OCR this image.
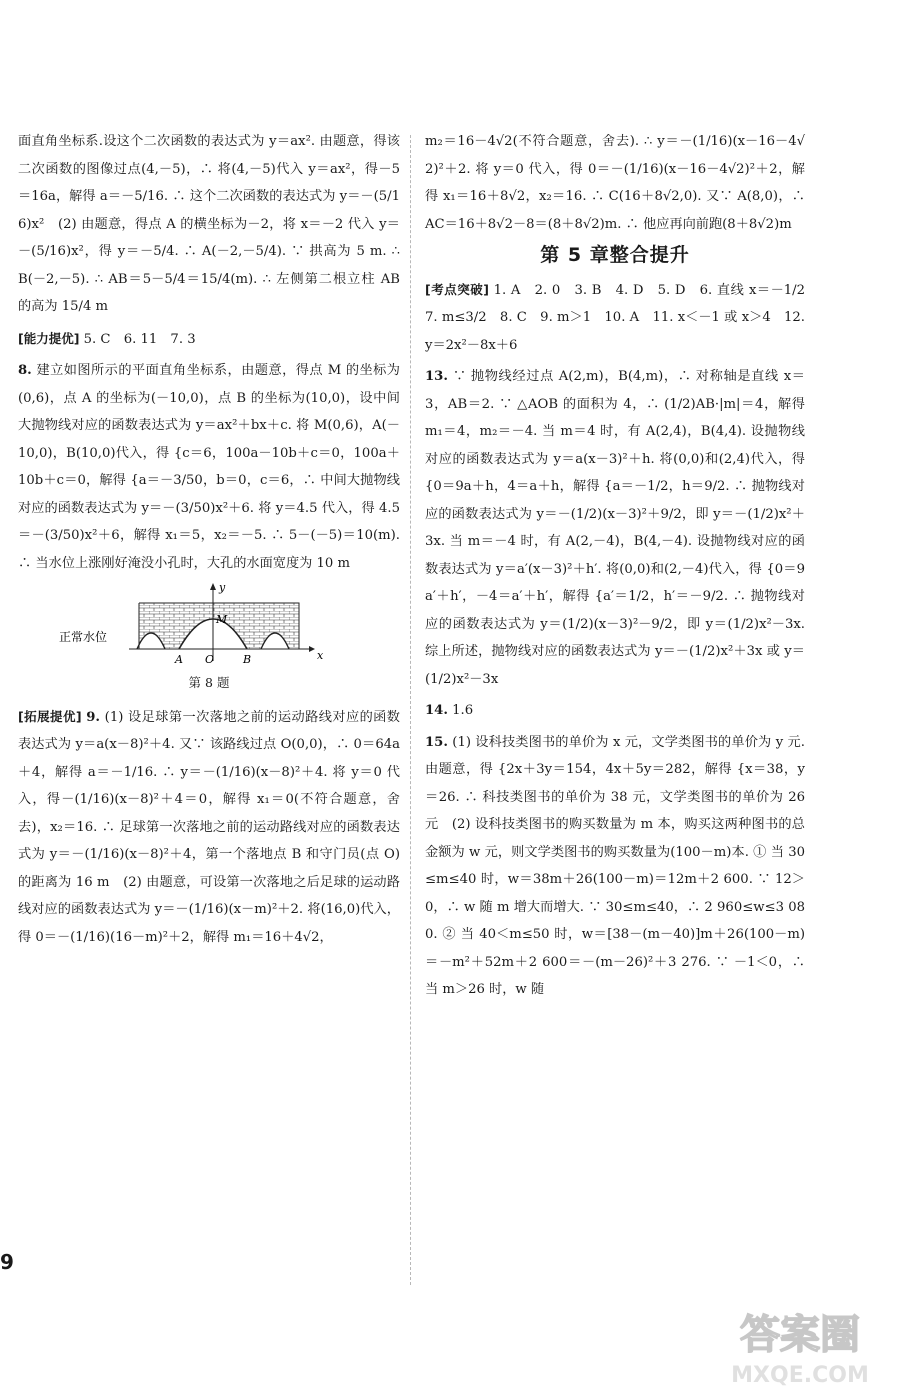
面直角坐标系.设这个二次函数的表达式为 y＝ax². 由题意，得该二次函数的图像过点(4,－5)，∴ 将(4,－5)代入 y＝ax²，得－5＝16a，解得 a＝－5/16. ∴ 这个二次函数的表达式为 y＝－(5/16)x²　(2) 由题意，得点 A 的横坐标为－2，将 x＝－2 代入 y＝－(5/16)x²，得 y＝－5/4. ∴ A(－2,－5/4). ∵ 拱高为 5 m. ∴ B(－2,－5). ∴ AB＝5－5/4＝15/4(m). ∴ 左侧第二根立柱 AB 的高为 15/4 m

[能力提优] 5. C　6. 11　7. 3

8. 建立如图所示的平面直角坐标系，由题意，得点 M 的坐标为(0,6)，点 A 的坐标为(－10,0)，点 B 的坐标为(10,0)，设中间大抛物线对应的函数表达式为 y＝ax²＋bx＋c. 将 M(0,6)，A(－10,0)，B(10,0)代入，得 {c＝6，100a－10b＋c＝0，100a＋10b＋c＝0，解得 {a＝－3/50，b＝0，c＝6，∴ 中间大抛物线对应的函数表达式为 y＝－(3/50)x²＋6. 将 y＝4.5 代入，得 4.5＝－(3/50)x²＋6，解得 x₁＝5，x₂＝－5. ∴ 5－(－5)＝10(m). ∴ 当水位上涨刚好淹没小孔时，大孔的水面宽度为 10 m

正常水位
A O	B
M
x
y
第 8 题

[拓展提优] 9. (1) 设足球第一次落地之前的运动路线对应的函数表达式为 y＝a(x－8)²＋4. 又∵ 该路线过点 O(0,0)，∴ 0＝64a＋4，解得 a＝－1/16. ∴ y＝－(1/16)(x－8)²＋4. 将 y＝0 代入，得－(1/16)(x－8)²＋4＝0，解得 x₁＝0(不符合题意，舍去)，x₂＝16. ∴ 足球第一次落地之前的运动路线对应的函数表达式为 y＝－(1/16)(x－8)²＋4，第一个落地点 B 和守门员(点 O)的距离为 16 m　(2) 由题意，可设第一次落地之后足球的运动路线对应的函数表达式为 y＝－(1/16)(x－m)²＋2. 将(16,0)代入，得 0＝－(1/16)(16－m)²＋2，解得 m₁＝16＋4√2，

m₂＝16－4√2(不符合题意，舍去). ∴ y＝－(1/16)(x－16－4√2)²＋2. 将 y＝0 代入，得 0＝－(1/16)(x－16－4√2)²＋2，解得 x₁＝16＋8√2，x₂＝16. ∴ C(16＋8√2,0). 又∵ A(8,0)，∴ AC＝16＋8√2－8＝(8＋8√2)m. ∴ 他应再向前跑(8＋8√2)m

第 5 章整合提升

[考点突破] 1. A　2. 0　3. B　4. D　5. D　6. 直线 x＝－1/2　7. m≤3/2　8. C　9. m＞1　10. A　11. x＜－1 或 x＞4　12. y＝2x²－8x＋6

13. ∵ 抛物线经过点 A(2,m)，B(4,m)，∴ 对称轴是直线 x＝3，AB＝2. ∵ △AOB 的面积为 4，∴ (1/2)AB·|m|＝4，解得 m₁＝4，m₂＝－4. 当 m＝4 时，有 A(2,4)，B(4,4). 设抛物线对应的函数表达式为 y＝a(x－3)²＋h. 将(0,0)和(2,4)代入，得 {0＝9a＋h，4＝a＋h，解得 {a＝－1/2，h＝9/2. ∴ 抛物线对应的函数表达式为 y＝－(1/2)(x－3)²＋9/2，即 y＝－(1/2)x²＋3x. 当 m＝－4 时，有 A(2,－4)，B(4,－4). 设抛物线对应的函数表达式为 y＝a′(x－3)²＋h′. 将(0,0)和(2,－4)代入，得 {0＝9a′＋h′，－4＝a′＋h′，解得 {a′＝1/2，h′＝－9/2. ∴ 抛物线对应的函数表达式为 y＝(1/2)(x－3)²－9/2，即 y＝(1/2)x²－3x. 综上所述，抛物线对应的函数表达式为 y＝－(1/2)x²＋3x 或 y＝(1/2)x²－3x

14. 1.6

15. (1) 设科技类图书的单价为 x 元，文学类图书的单价为 y 元. 由题意，得 {2x＋3y＝154，4x＋5y＝282，解得 {x＝38，y＝26. ∴ 科技类图书的单价为 38 元，文学类图书的单价为 26 元　(2) 设科技类图书的购买数量为 m 本，购买这两种图书的总金额为 w 元，则文学类图书的购买数量为(100－m)本. ① 当 30≤m≤40 时，w＝38m＋26(100－m)＝12m＋2 600. ∵ 12＞0，∴ w 随 m 增大而增大. ∵ 30≤m≤40，∴ 2 960≤w≤3 080. ② 当 40＜m≤50 时，w＝[38－(m－40)]m＋26(100－m)＝－m²＋52m＋2 600＝－(m－26)²＋3 276. ∵ －1＜0，∴ 当 m＞26 时，w 随

9
答案圈
MXQE.COM
